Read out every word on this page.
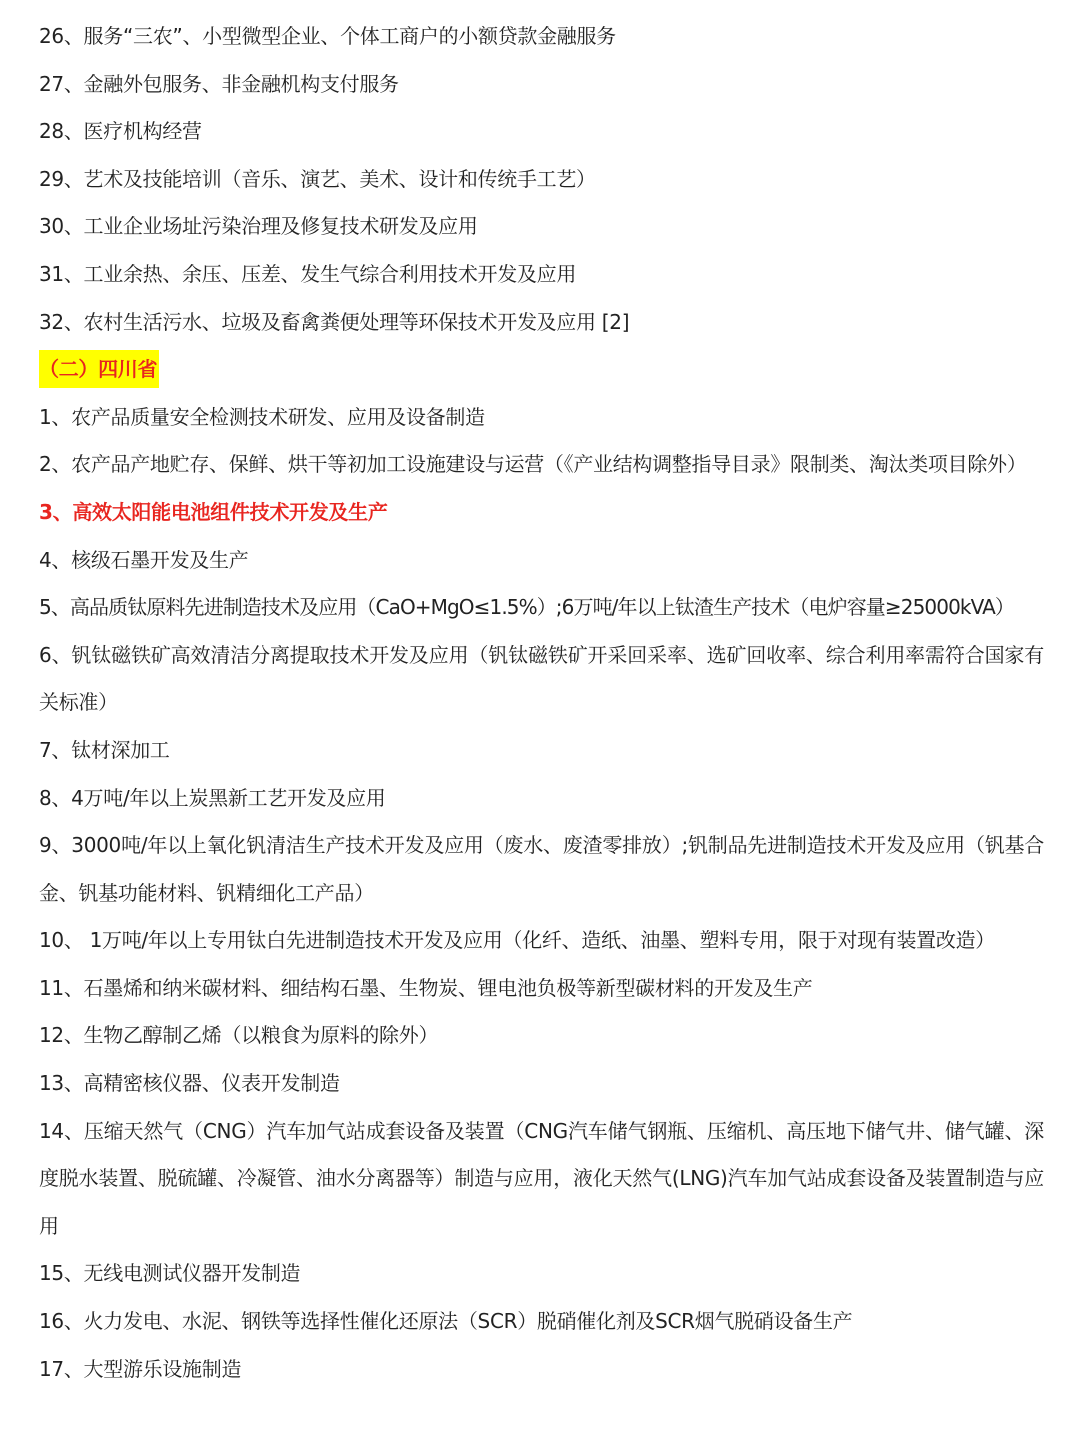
26、服务“三农”、小型微型企业、个体工商户的小额贷款金融服务
27、金融外包服务、非金融机构支付服务
28、医疗机构经营
29、艺术及技能培训（音乐、演艺、美术、设计和传统手工艺）
30、工业企业场址污染治理及修复技术研发及应用
31、工业余热、余压、压差、发生气综合利用技术开发及应用
32、农村生活污水、垃圾及畜禽粪便处理等环保技术开发及应用 [2]
（二）四川省
1、农产品质量安全检测技术研发、应用及设备制造
2、农产品产地贮存、保鲜、烘干等初加工设施建设与运营（《产业结构调整指导目录》限制类、淘汰类项目除外）
3、高效太阳能电池组件技术开发及生产
4、核级石墨开发及生产
5、高品质钛原料先进制造技术及应用（CaO+MgO≤1.5%）;6万吨/年以上钛渣生产技术（电炉容量≥25000kVA）
6、钒钛磁铁矿高效清洁分离提取技术开发及应用（钒钛磁铁矿开采回采率、选矿回收率、综合利用率需符合国家有关标准）
7、钛材深加工
8、4万吨/年以上炭黑新工艺开发及应用
9、3000吨/年以上氧化钒清洁生产技术开发及应用（废水、废渣零排放）;钒制品先进制造技术开发及应用（钒基合金、钒基功能材料、钒精细化工产品）
10、 1万吨/年以上专用钛白先进制造技术开发及应用（化纤、造纸、油墨、塑料专用，限于对现有装置改造）
11、石墨烯和纳米碳材料、细结构石墨、生物炭、锂电池负极等新型碳材料的开发及生产
12、生物乙醇制乙烯（以粮食为原料的除外）
13、高精密核仪器、仪表开发制造
14、压缩天然气（CNG）汽车加气站成套设备及装置（CNG汽车储气钢瓶、压缩机、高压地下储气井、储气罐、深度脱水装置、脱硫罐、冷凝管、油水分离器等）制造与应用，液化天然气(LNG)汽车加气站成套设备及装置制造与应用
15、无线电测试仪器开发制造
16、火力发电、水泥、钢铁等选择性催化还原法（SCR）脱硝催化剂及SCR烟气脱硝设备生产
17、大型游乐设施制造
